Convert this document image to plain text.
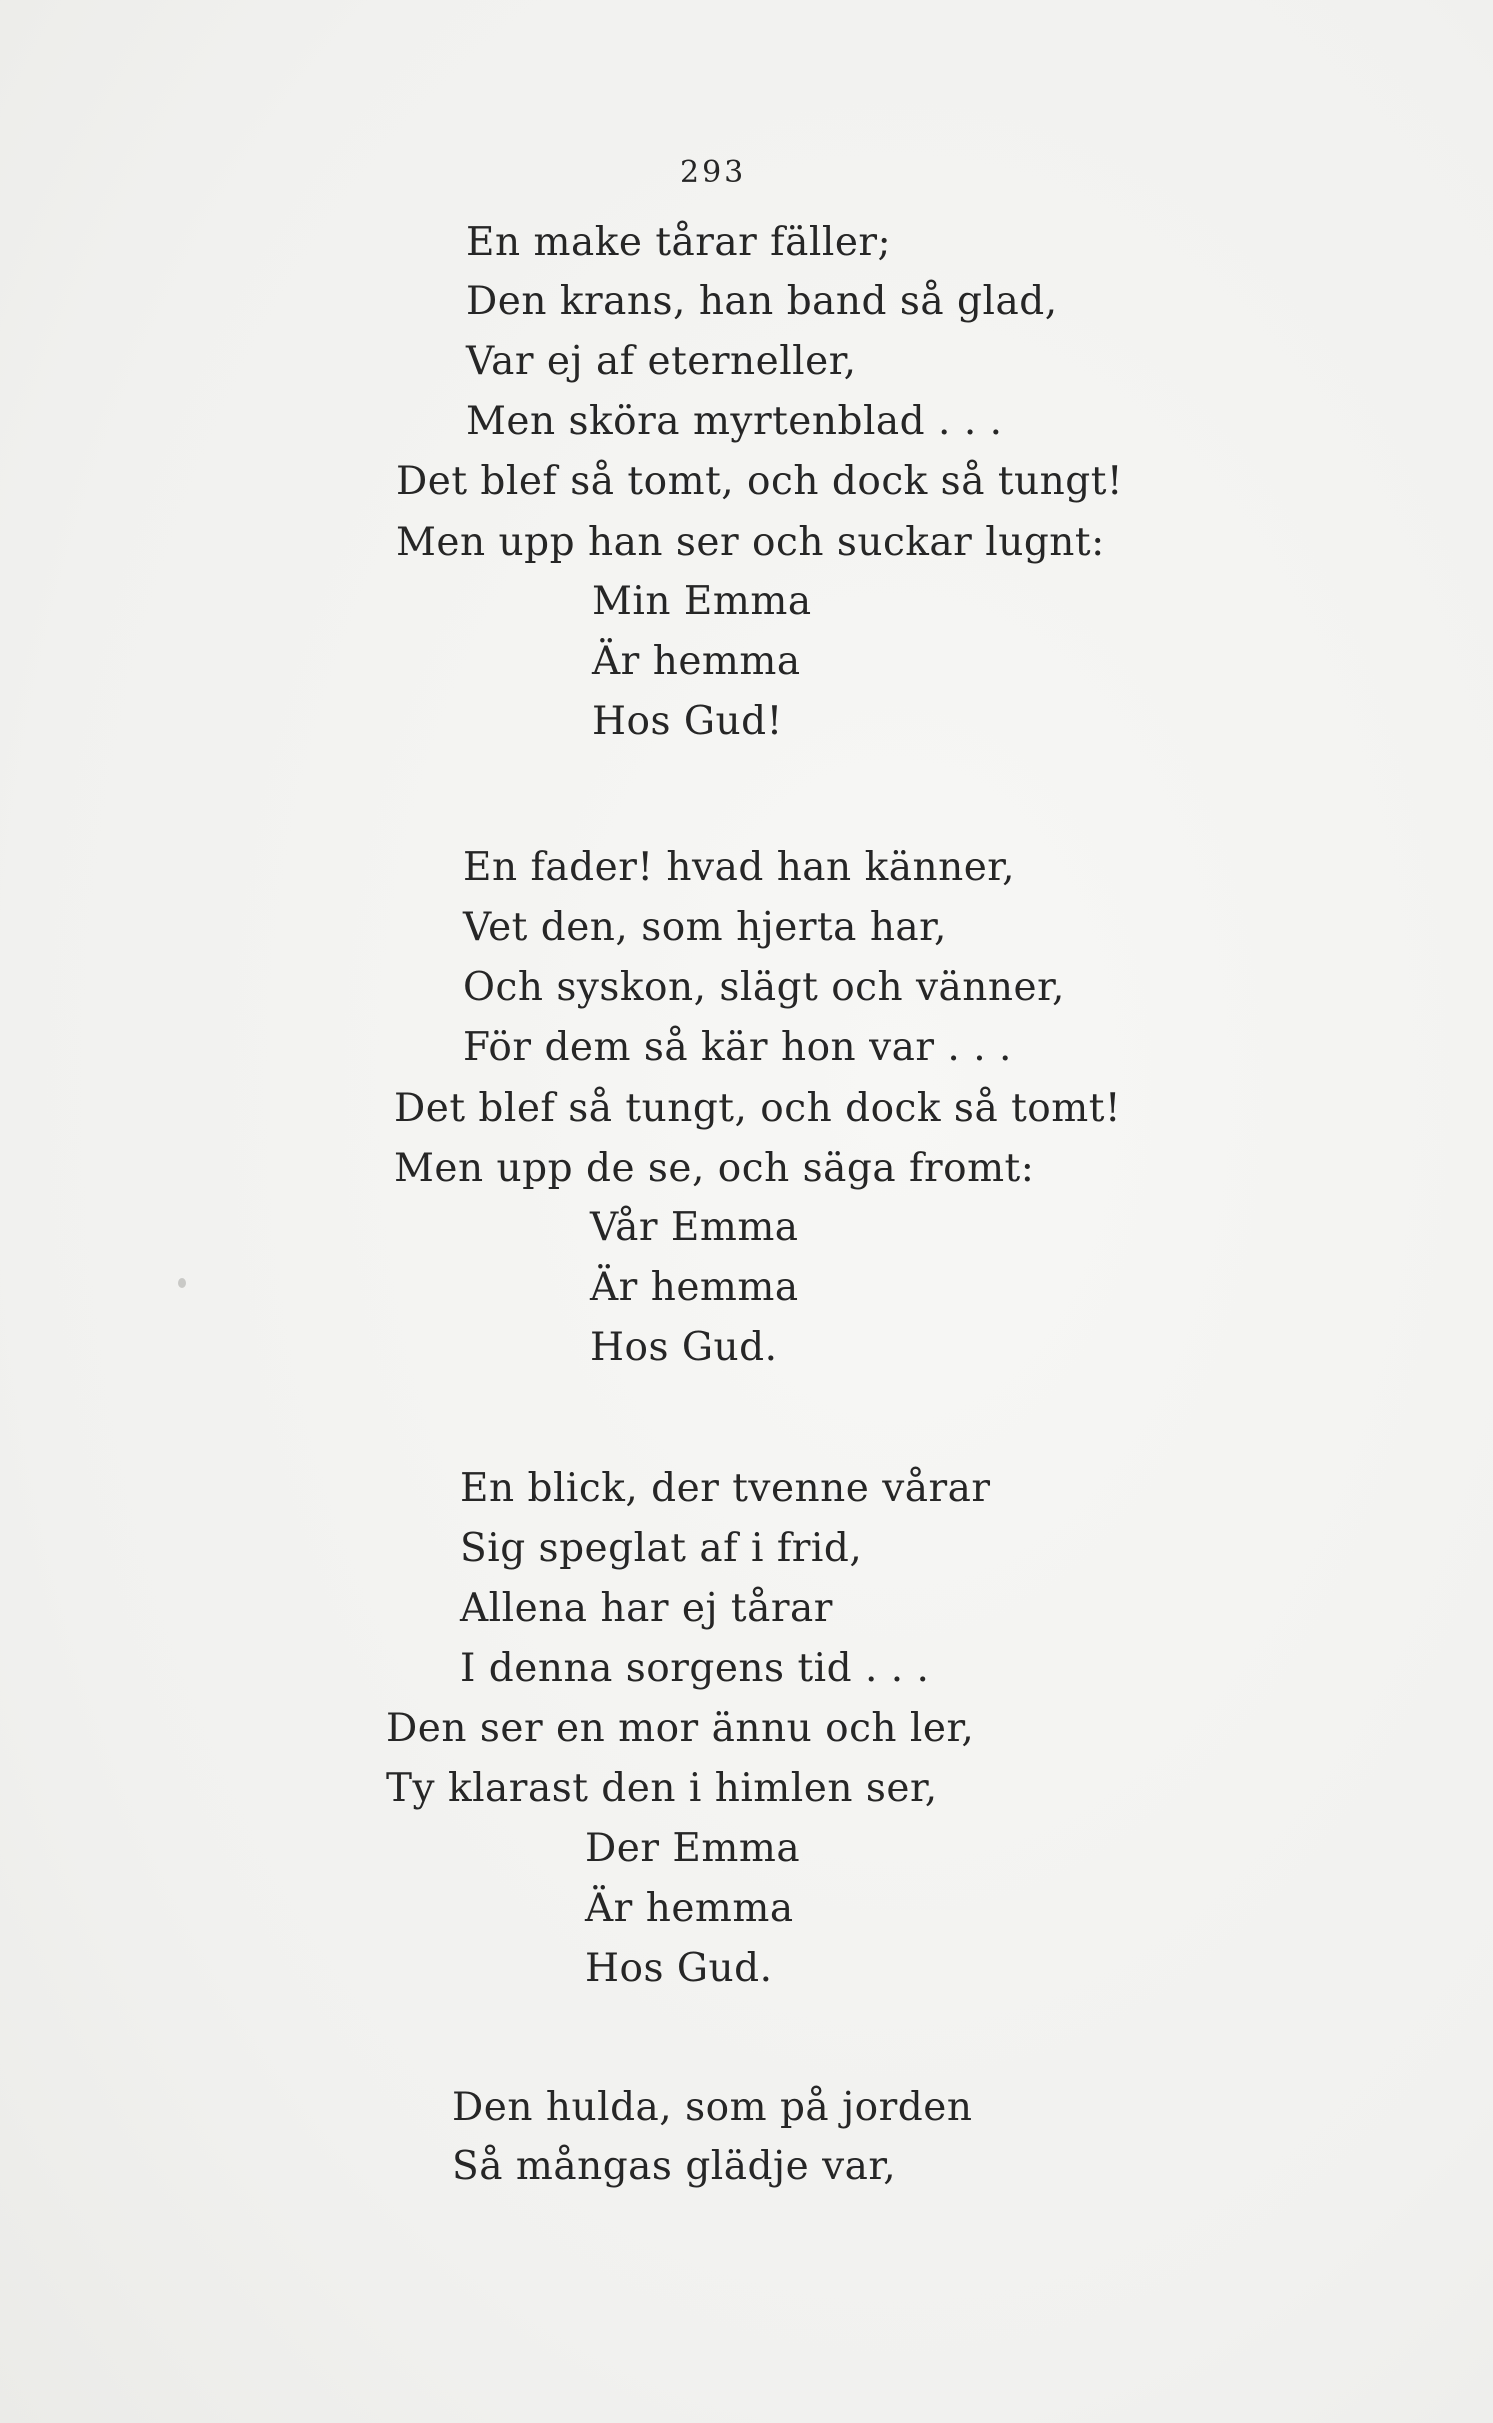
293
En make tårar fäller;
Den krans, han band så glad,
Var ej af eterneller,
Men sköra myrtenblad . . .
Det blef så tomt, och dock så tungt!
Men upp han ser och suckar lugnt:
Min Emma
Är hemma
Hos Gud!
En fader! hvad han känner,
Vet den, som hjerta har,
Och syskon, slägt och vänner,
För dem så kär hon var . . .
Det blef så tungt, och dock så tomt!
Men upp de se, och säga fromt:
Vår Emma
Är hemma
Hos Gud.
En blick, der tvenne vårar
Sig speglat af i frid,
Allena har ej tårar
I denna sorgens tid . . .
Den ser en mor ännu och ler,
Ty klarast den i himlen ser,
Der Emma
Är hemma
Hos Gud.
Den hulda, som på jorden
Så mångas glädje var,
